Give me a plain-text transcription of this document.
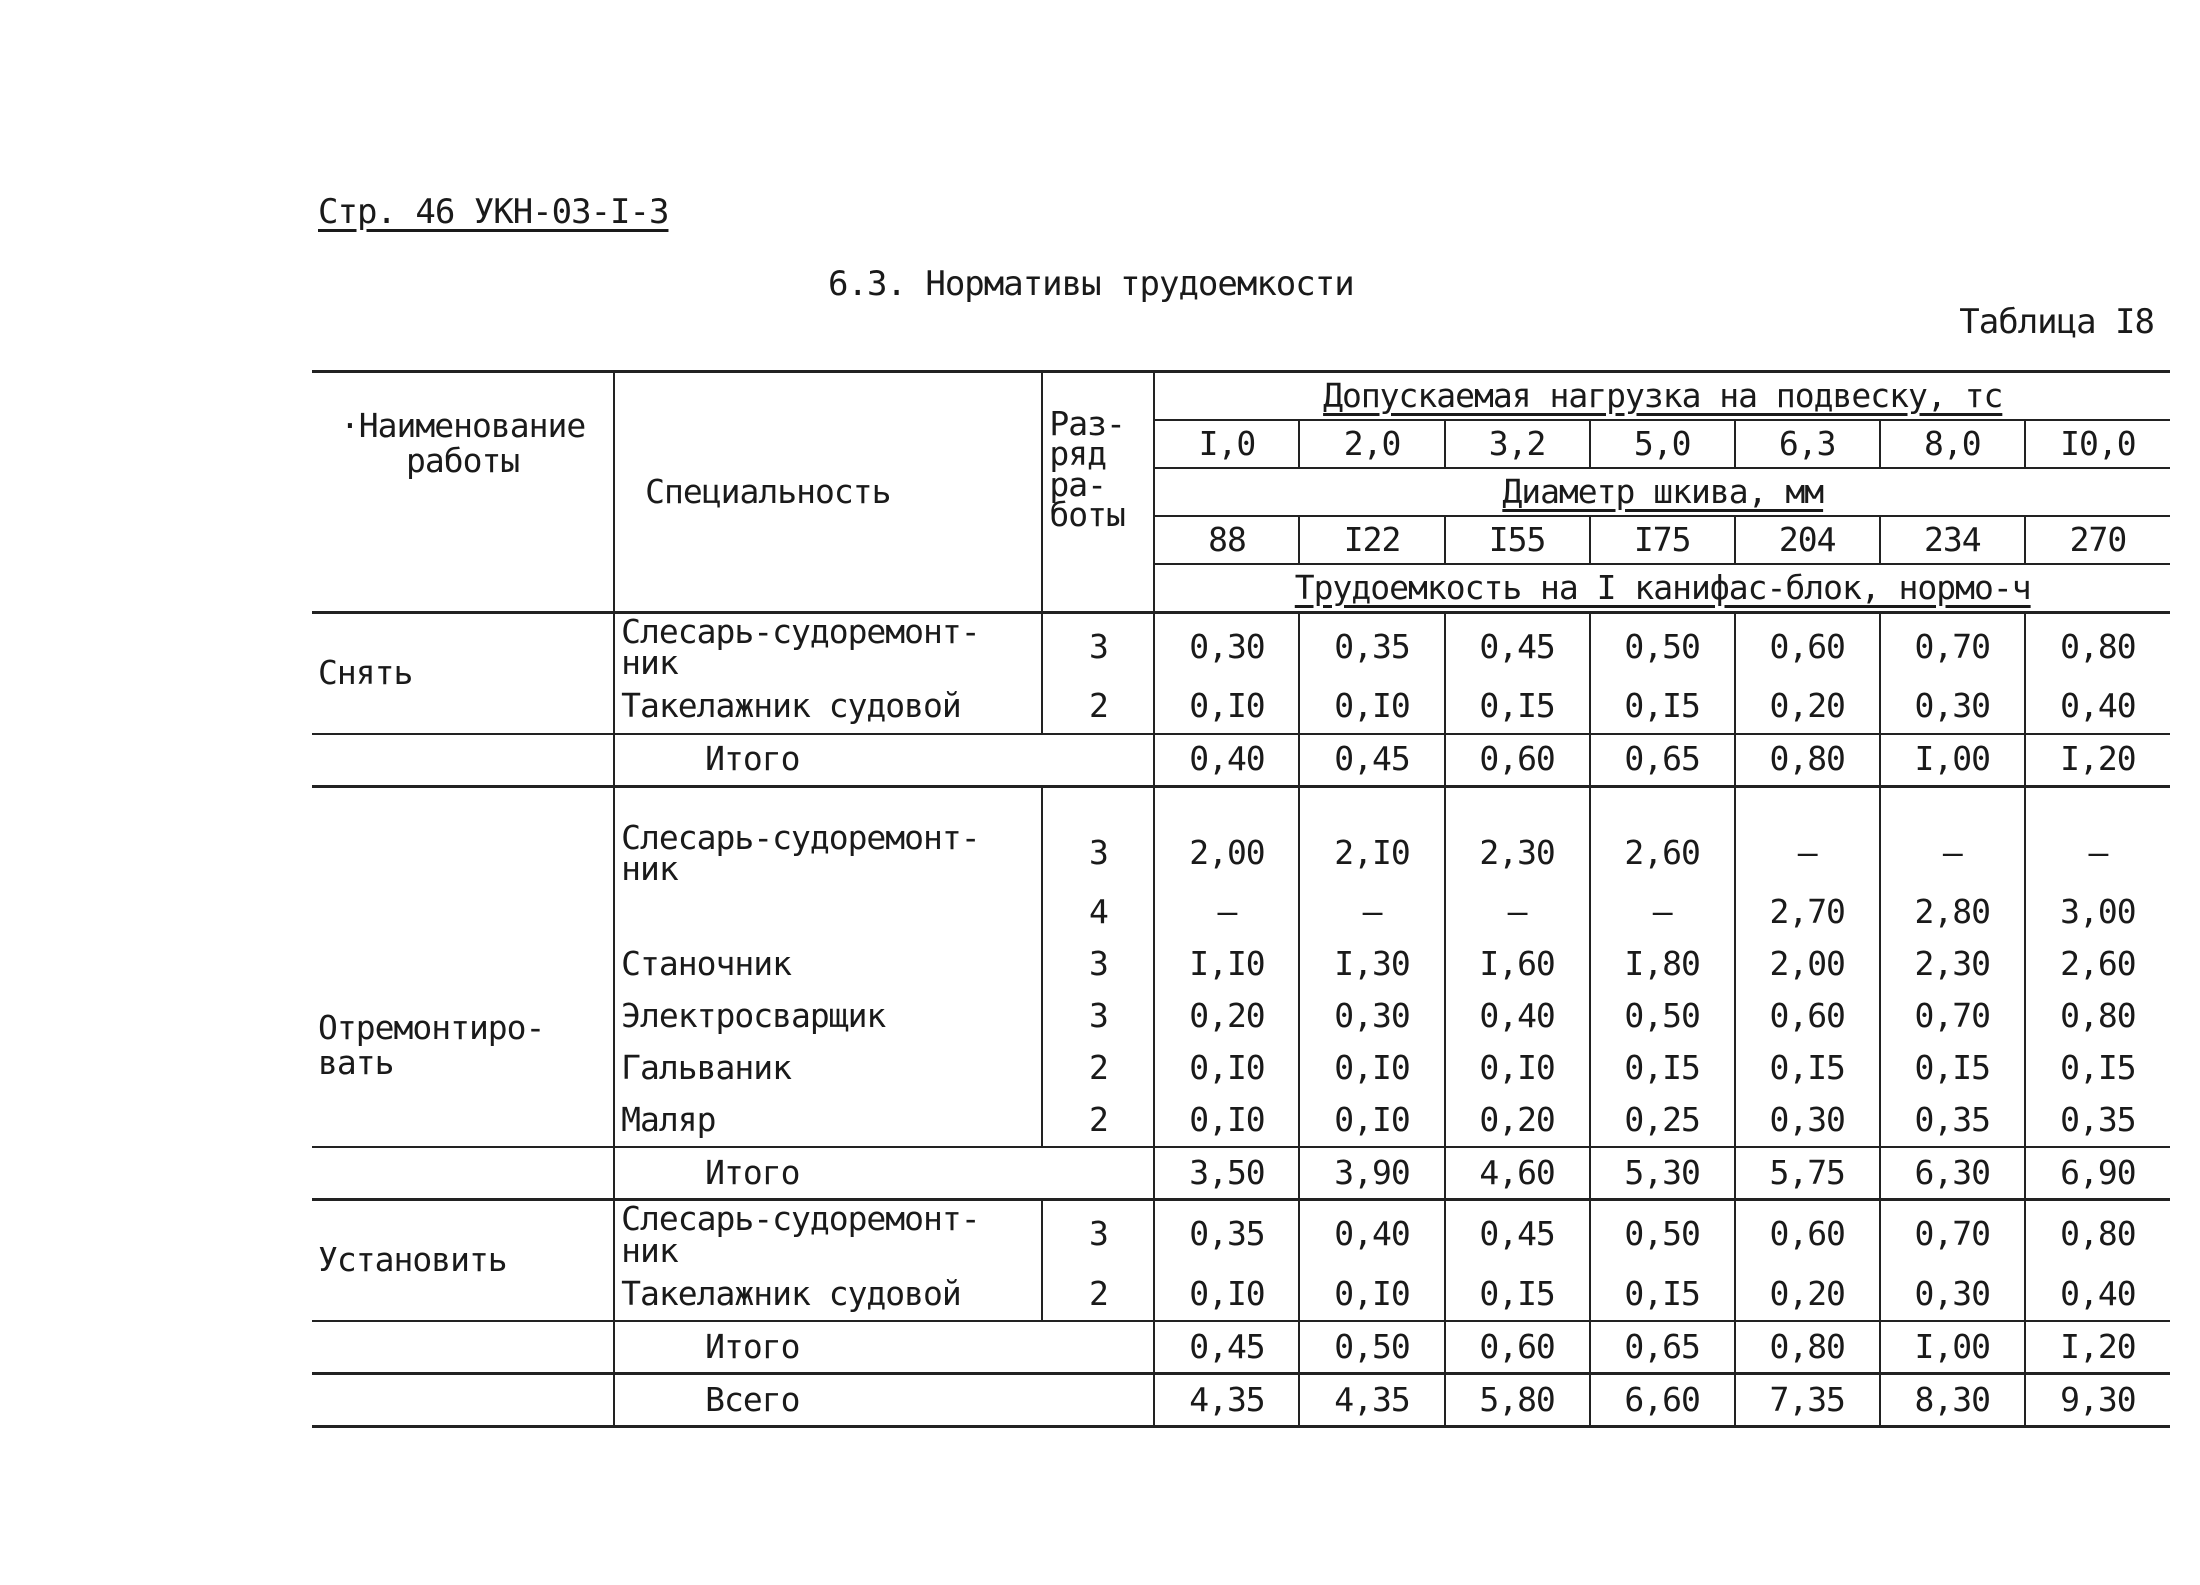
Стр. 46 УКН-03-I-3
6.3. Нормативы трудоемкости
Таблица I8
·Наименование работы	Специальность	Раз- ряд ра- боты	Допускаемая нагрузка на подвеску, тс						
			I,0	2,0	3,2	5,0	6,3	8,0	I0,0
			Диаметр шкива, мм						
			88	I22	I55	I75	204	234	270
			Трудоемкость на I канифас-блок, нормо-ч						
Снять	Слесарь-судоремонт- ник	3	0,30	0,35	0,45	0,50	0,60	0,70	0,80
	Такелажник судовой	2	0,I0	0,I0	0,I5	0,I5	0,20	0,30	0,40
	Итого		0,40	0,45	0,60	0,65	0,80	I,00	I,20
Отремонтиро- вать									
	Слесарь-судоремонт- ник	3	2,00	2,I0	2,30	2,60	–	–	–
		4	–	–	–	–	2,70	2,80	3,00
	Станочник	3	I,I0	I,30	I,60	I,80	2,00	2,30	2,60
	Электросварщик	3	0,20	0,30	0,40	0,50	0,60	0,70	0,80
	Гальваник	2	0,I0	0,I0	0,I0	0,I5	0,I5	0,I5	0,I5
	Маляр	2	0,I0	0,I0	0,20	0,25	0,30	0,35	0,35
	Итого		3,50	3,90	4,60	5,30	5,75	6,30	6,90
Установить	Слесарь-судоремонт- ник	3	0,35	0,40	0,45	0,50	0,60	0,70	0,80
	Такелажник судовой	2	0,I0	0,I0	0,I5	0,I5	0,20	0,30	0,40
	Итого		0,45	0,50	0,60	0,65	0,80	I,00	I,20
	Всего		4,35	4,35	5,80	6,60	7,35	8,30	9,30
